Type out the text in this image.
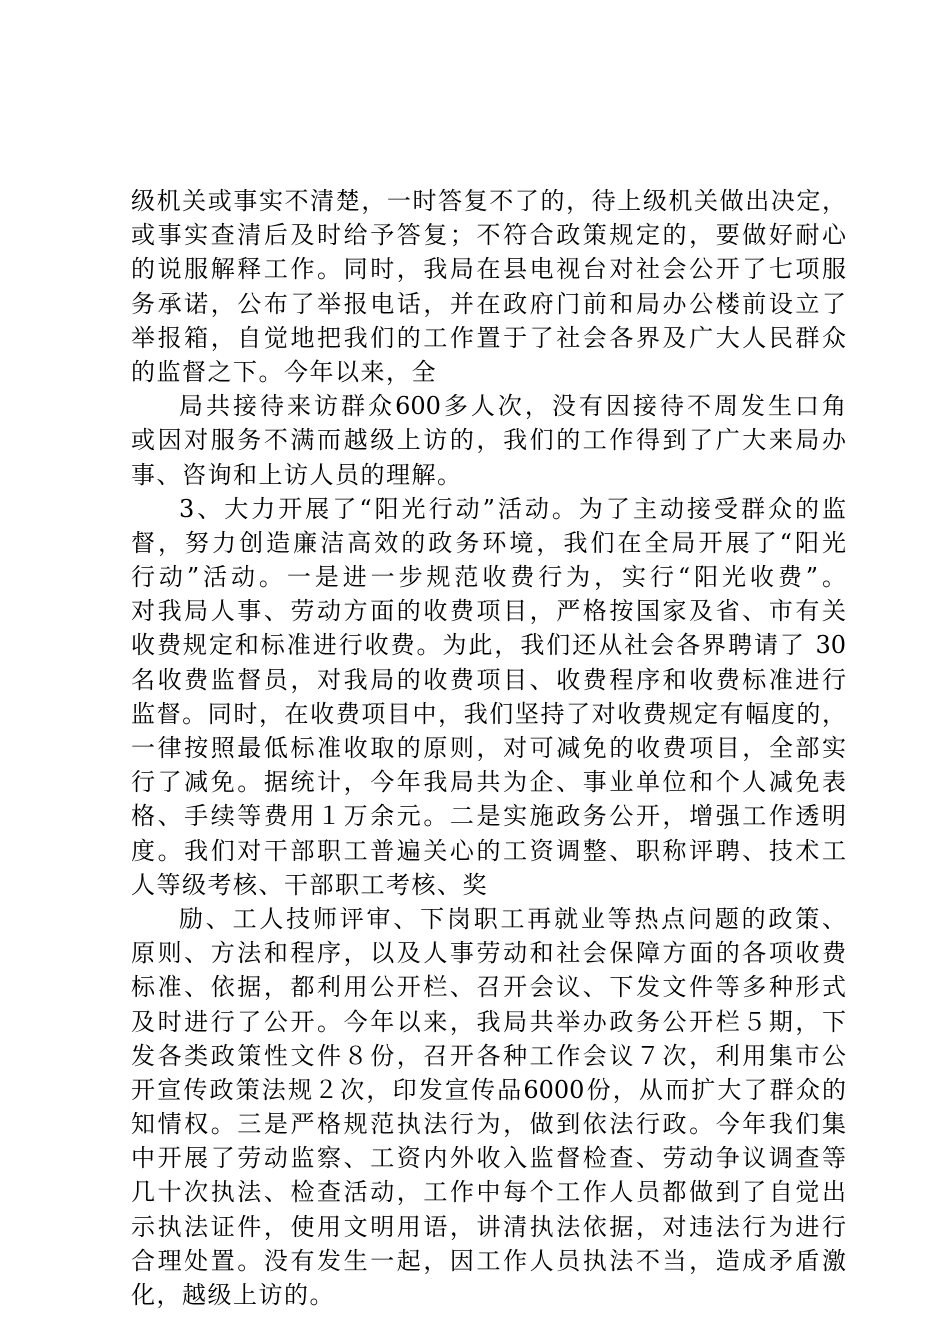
级机关或事实不清楚，一时答复不了的，待上级机关做出决定，
或事实查清后及时给予答复；不符合政策规定的，要做好耐心
的说服解释工作。同时，我局在县电视台对社会公开了七项服
务承诺，公布了举报电话，并在政府门前和局办公楼前设立了
举报箱，自觉地把我们的工作置于了社会各界及广大人民群众
的监督之下。今年以来，全
局共接待来访群众600多人次，没有因接待不周发生口角
或因对服务不满而越级上访的，我们的工作得到了广大来局办
事、咨询和上访人员的理解。
3、大力开展了“阳光行动”活动。为了主动接受群众的监
督，努力创造廉洁高效的政务环境，我们在全局开展了“阳光
行动”活动。一是进一步规范收费行为，实行“阳光收费”。
对我局人事、劳动方面的收费项目，严格按国家及省、市有关
收费规定和标准进行收费。为此，我们还从社会各界聘请了 30
名收费监督员，对我局的收费项目、收费程序和收费标准进行
监督。同时，在收费项目中，我们坚持了对收费规定有幅度的，
一律按照最低标准收取的原则，对可减免的收费项目，全部实
行了减免。据统计，今年我局共为企、事业单位和个人减免表
格、手续等费用１万余元。二是实施政务公开，增强工作透明
度。我们对干部职工普遍关心的工资调整、职称评聘、技术工
人等级考核、干部职工考核、奖
励、工人技师评审、下岗职工再就业等热点问题的政策、
原则、方法和程序，以及人事劳动和社会保障方面的各项收费
标准、依据，都利用公开栏、召开会议、下发文件等多种形式
及时进行了公开。今年以来，我局共举办政务公开栏５期，下
发各类政策性文件８份，召开各种工作会议７次，利用集市公
开宣传政策法规２次，印发宣传品6000份，从而扩大了群众的
知情权。三是严格规范执法行为，做到依法行政。今年我们集
中开展了劳动监察、工资内外收入监督检查、劳动争议调查等
几十次执法、检查活动，工作中每个工作人员都做到了自觉出
示执法证件，使用文明用语，讲清执法依据，对违法行为进行
合理处置。没有发生一起，因工作人员执法不当，造成矛盾激
化，越级上访的。
